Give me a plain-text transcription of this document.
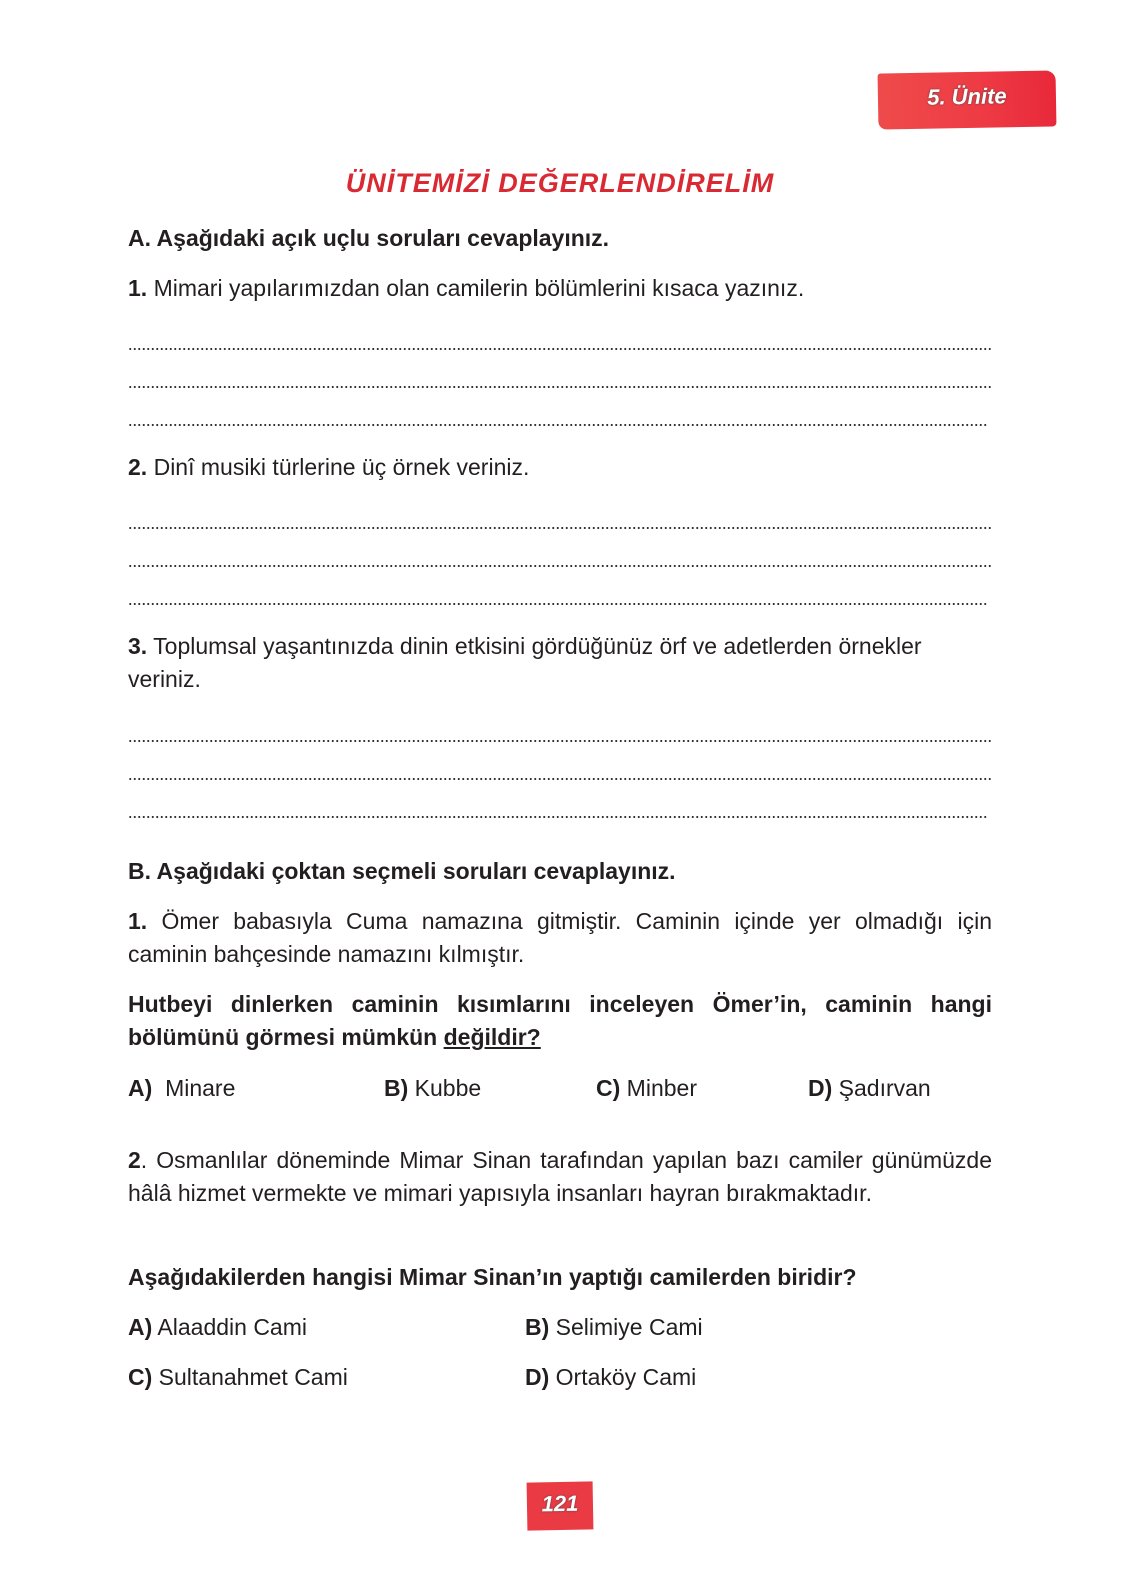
5. Ünite
ÜNİTEMİZİ DEĞERLENDİRELİM
A. Aşağıdaki açık uçlu soruları cevaplayınız.
1. Mimari yapılarımızdan olan camilerin bölümlerini kısaca yazınız.
2. Dinî musiki türlerine üç örnek veriniz.
3. Toplumsal yaşantınızda dinin etkisini gördüğünüz örf ve adetlerden örnekler veriniz.
B. Aşağıdaki çoktan seçmeli soruları cevaplayınız.
1. Ömer babasıyla Cuma namazına gitmiştir. Caminin içinde yer olmadığı için caminin bahçesinde namazını kılmıştır.
Hutbeyi dinlerken caminin kısımlarını inceleyen Ömer’in, caminin hangi bölümünü görmesi mümkün değildir?
A) Minare	B) Kubbe	C) Minber	D) Şadırvan
2. Osmanlılar döneminde Mimar Sinan tarafından yapılan bazı camiler günümüzde hâlâ hizmet vermekte ve mimari yapısıyla insanları hayran bırakmaktadır.
Aşağıdakilerden hangisi Mimar Sinan’ın yaptığı camilerden biridir?
A) Alaaddin Cami	B) Selimiye Cami
C) Sultanahmet Cami	D) Ortaköy Cami
121
